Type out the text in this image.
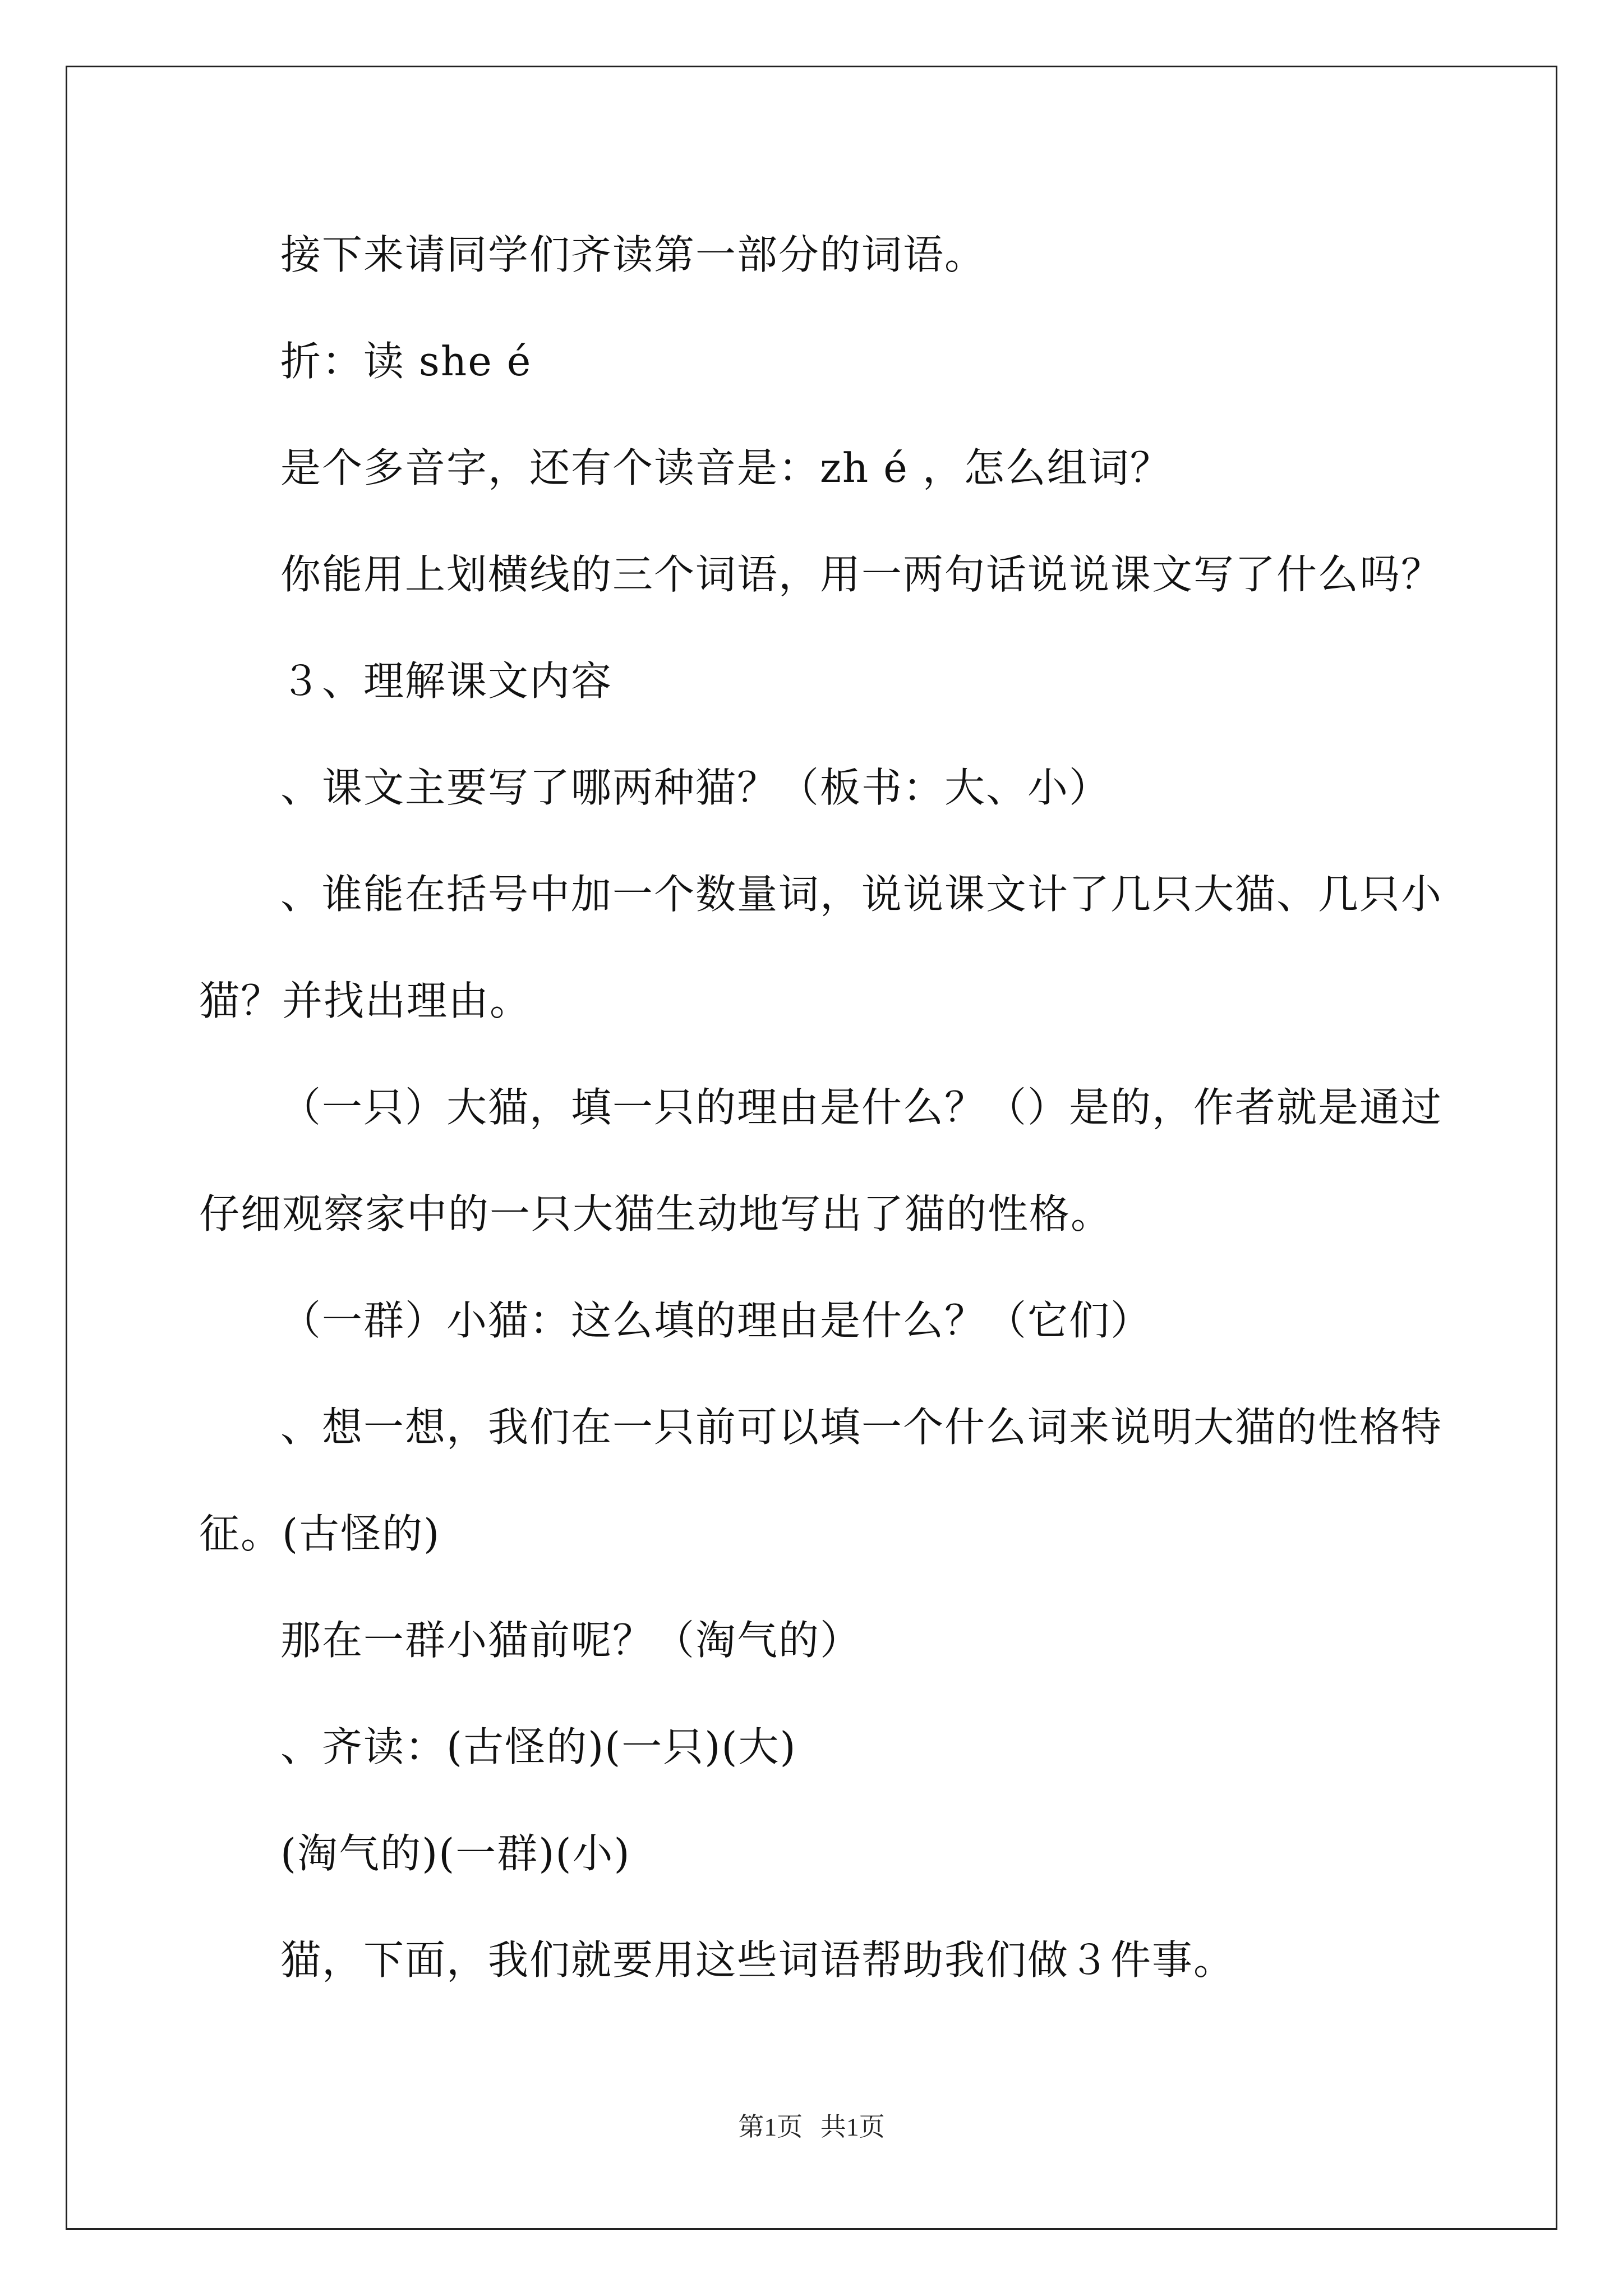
接下来请同学们齐读第一部分的词语。
折：读 she é
是个多音字，还有个读音是：zh é ，怎么组词？
你能用上划横线的三个词语，用一两句话说说课文写了什么吗？
３、理解课文内容
、课文主要写了哪两种猫？（板书：大、小）
、谁能在括号中加一个数量词，说说课文计了几只大猫、几只小
猫？并找出理由。
（一只）大猫，填一只的理由是什么？（）是的，作者就是通过
仔细观察家中的一只大猫生动地写出了猫的性格。
（一群）小猫：这么填的理由是什么？（它们）
、想一想，我们在一只前可以填一个什么词来说明大猫的性格特
征。(古怪的)
那在一群小猫前呢？（淘气的）
、齐读：(古怪的)(一只)(大)
(淘气的)(一群)(小)
猫，下面，我们就要用这些词语帮助我们做３件事。
第1页 共1页
